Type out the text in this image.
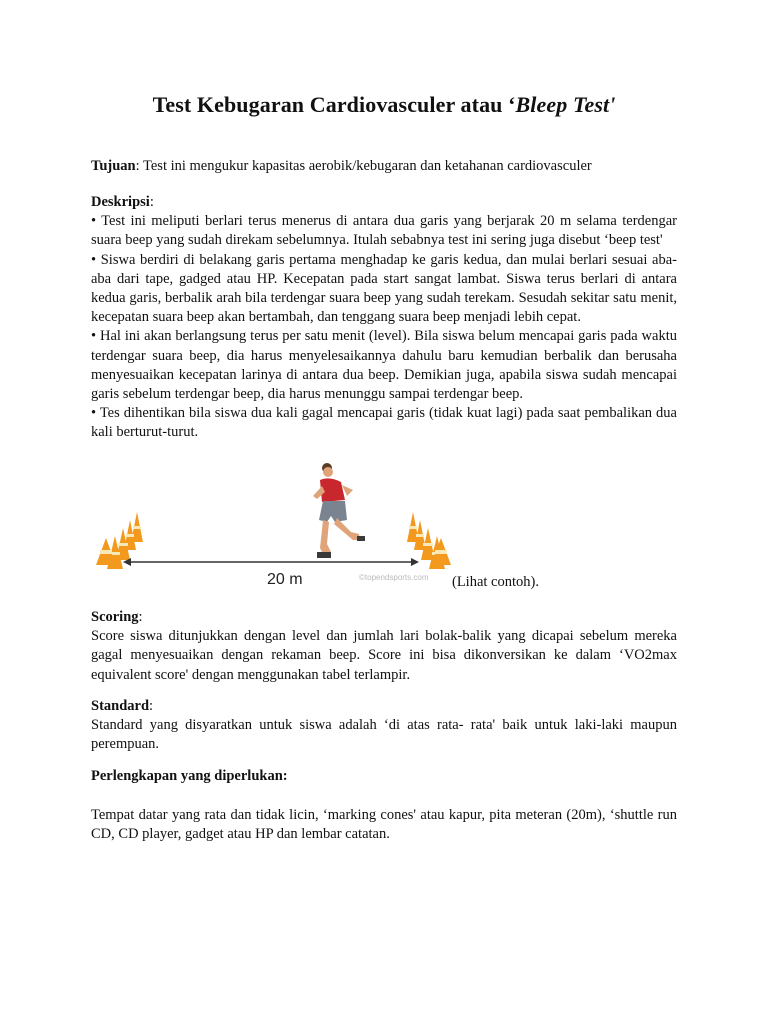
Test Kebugaran Cardiovasculer atau ‘Bleep Test'

Tujuan: Test ini mengukur kapasitas aerobik/kebugaran dan ketahanan cardiovasculer

Deskripsi:

• Test ini meliputi berlari terus menerus di antara dua garis yang berjarak 20 m selama terdengar suara beep yang sudah direkam sebelumnya. Itulah sebabnya test ini sering juga disebut ‘beep test'

• Siswa berdiri di belakang garis pertama menghadap ke garis kedua, dan mulai berlari sesuai aba-aba dari tape, gadged atau HP. Kecepatan pada start sangat lambat. Siswa terus berlari di antara kedua garis, berbalik arah bila terdengar suara beep yang sudah terekam. Sesudah sekitar satu menit, kecepatan suara beep akan bertambah, dan tenggang suara beep menjadi lebih cepat.

• Hal ini akan berlangsung terus per satu menit (level). Bila siswa belum mencapai garis pada waktu terdengar suara beep, dia harus menyelesaikannya dahulu baru kemudian berbalik dan berusaha menyesuaikan kecepatan larinya di antara dua beep. Demikian juga, apabila siswa sudah mencapai garis sebelum terdengar beep, dia harus menunggu sampai terdengar beep.

• Tes dihentikan bila siswa dua kali gagal mencapai garis (tidak kuat lagi) pada saat pembalikan dua kali berturut-turut.

20 m	©topendsports.com (Lihat contoh).

Scoring:

Score siswa ditunjukkan dengan level dan jumlah lari bolak-balik yang dicapai sebelum mereka gagal menyesuaikan dengan rekaman beep. Score ini bisa dikonversikan ke dalam ‘VO2max equivalent score' dengan menggunakan tabel terlampir.

Standard:

Standard yang disyaratkan untuk siswa adalah ‘di atas rata- rata' baik untuk laki-laki maupun perempuan.

Perlengkapan yang diperlukan:

Tempat datar yang rata dan tidak licin, ‘marking cones' atau kapur, pita meteran (20m), ‘shuttle run CD, CD player, gadget atau HP dan lembar catatan.
